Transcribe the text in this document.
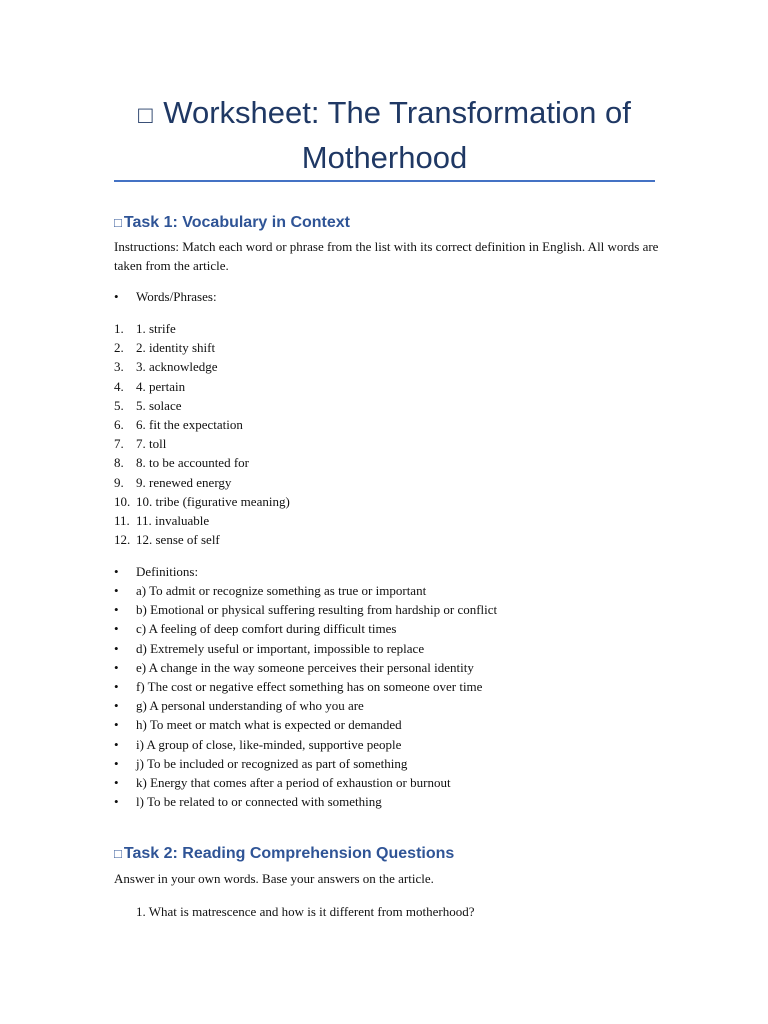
□ Worksheet: The Transformation of Motherhood
□ Task 1: Vocabulary in Context
Instructions: Match each word or phrase from the list with its correct definition in English. All words are taken from the article.
• Words/Phrases:
1. 1. strife
2. 2. identity shift
3. 3. acknowledge
4. 4. pertain
5. 5. solace
6. 6. fit the expectation
7. 7. toll
8. 8. to be accounted for
9. 9. renewed energy
10. 10. tribe (figurative meaning)
11. 11. invaluable
12. 12. sense of self
• Definitions:
• a) To admit or recognize something as true or important
• b) Emotional or physical suffering resulting from hardship or conflict
• c) A feeling of deep comfort during difficult times
• d) Extremely useful or important, impossible to replace
• e) A change in the way someone perceives their personal identity
• f) The cost or negative effect something has on someone over time
• g) A personal understanding of who you are
• h) To meet or match what is expected or demanded
• i) A group of close, like-minded, supportive people
• j) To be included or recognized as part of something
• k) Energy that comes after a period of exhaustion or burnout
• l) To be related to or connected with something
□ Task 2: Reading Comprehension Questions
Answer in your own words. Base your answers on the article.
1. What is matrescence and how is it different from motherhood?
